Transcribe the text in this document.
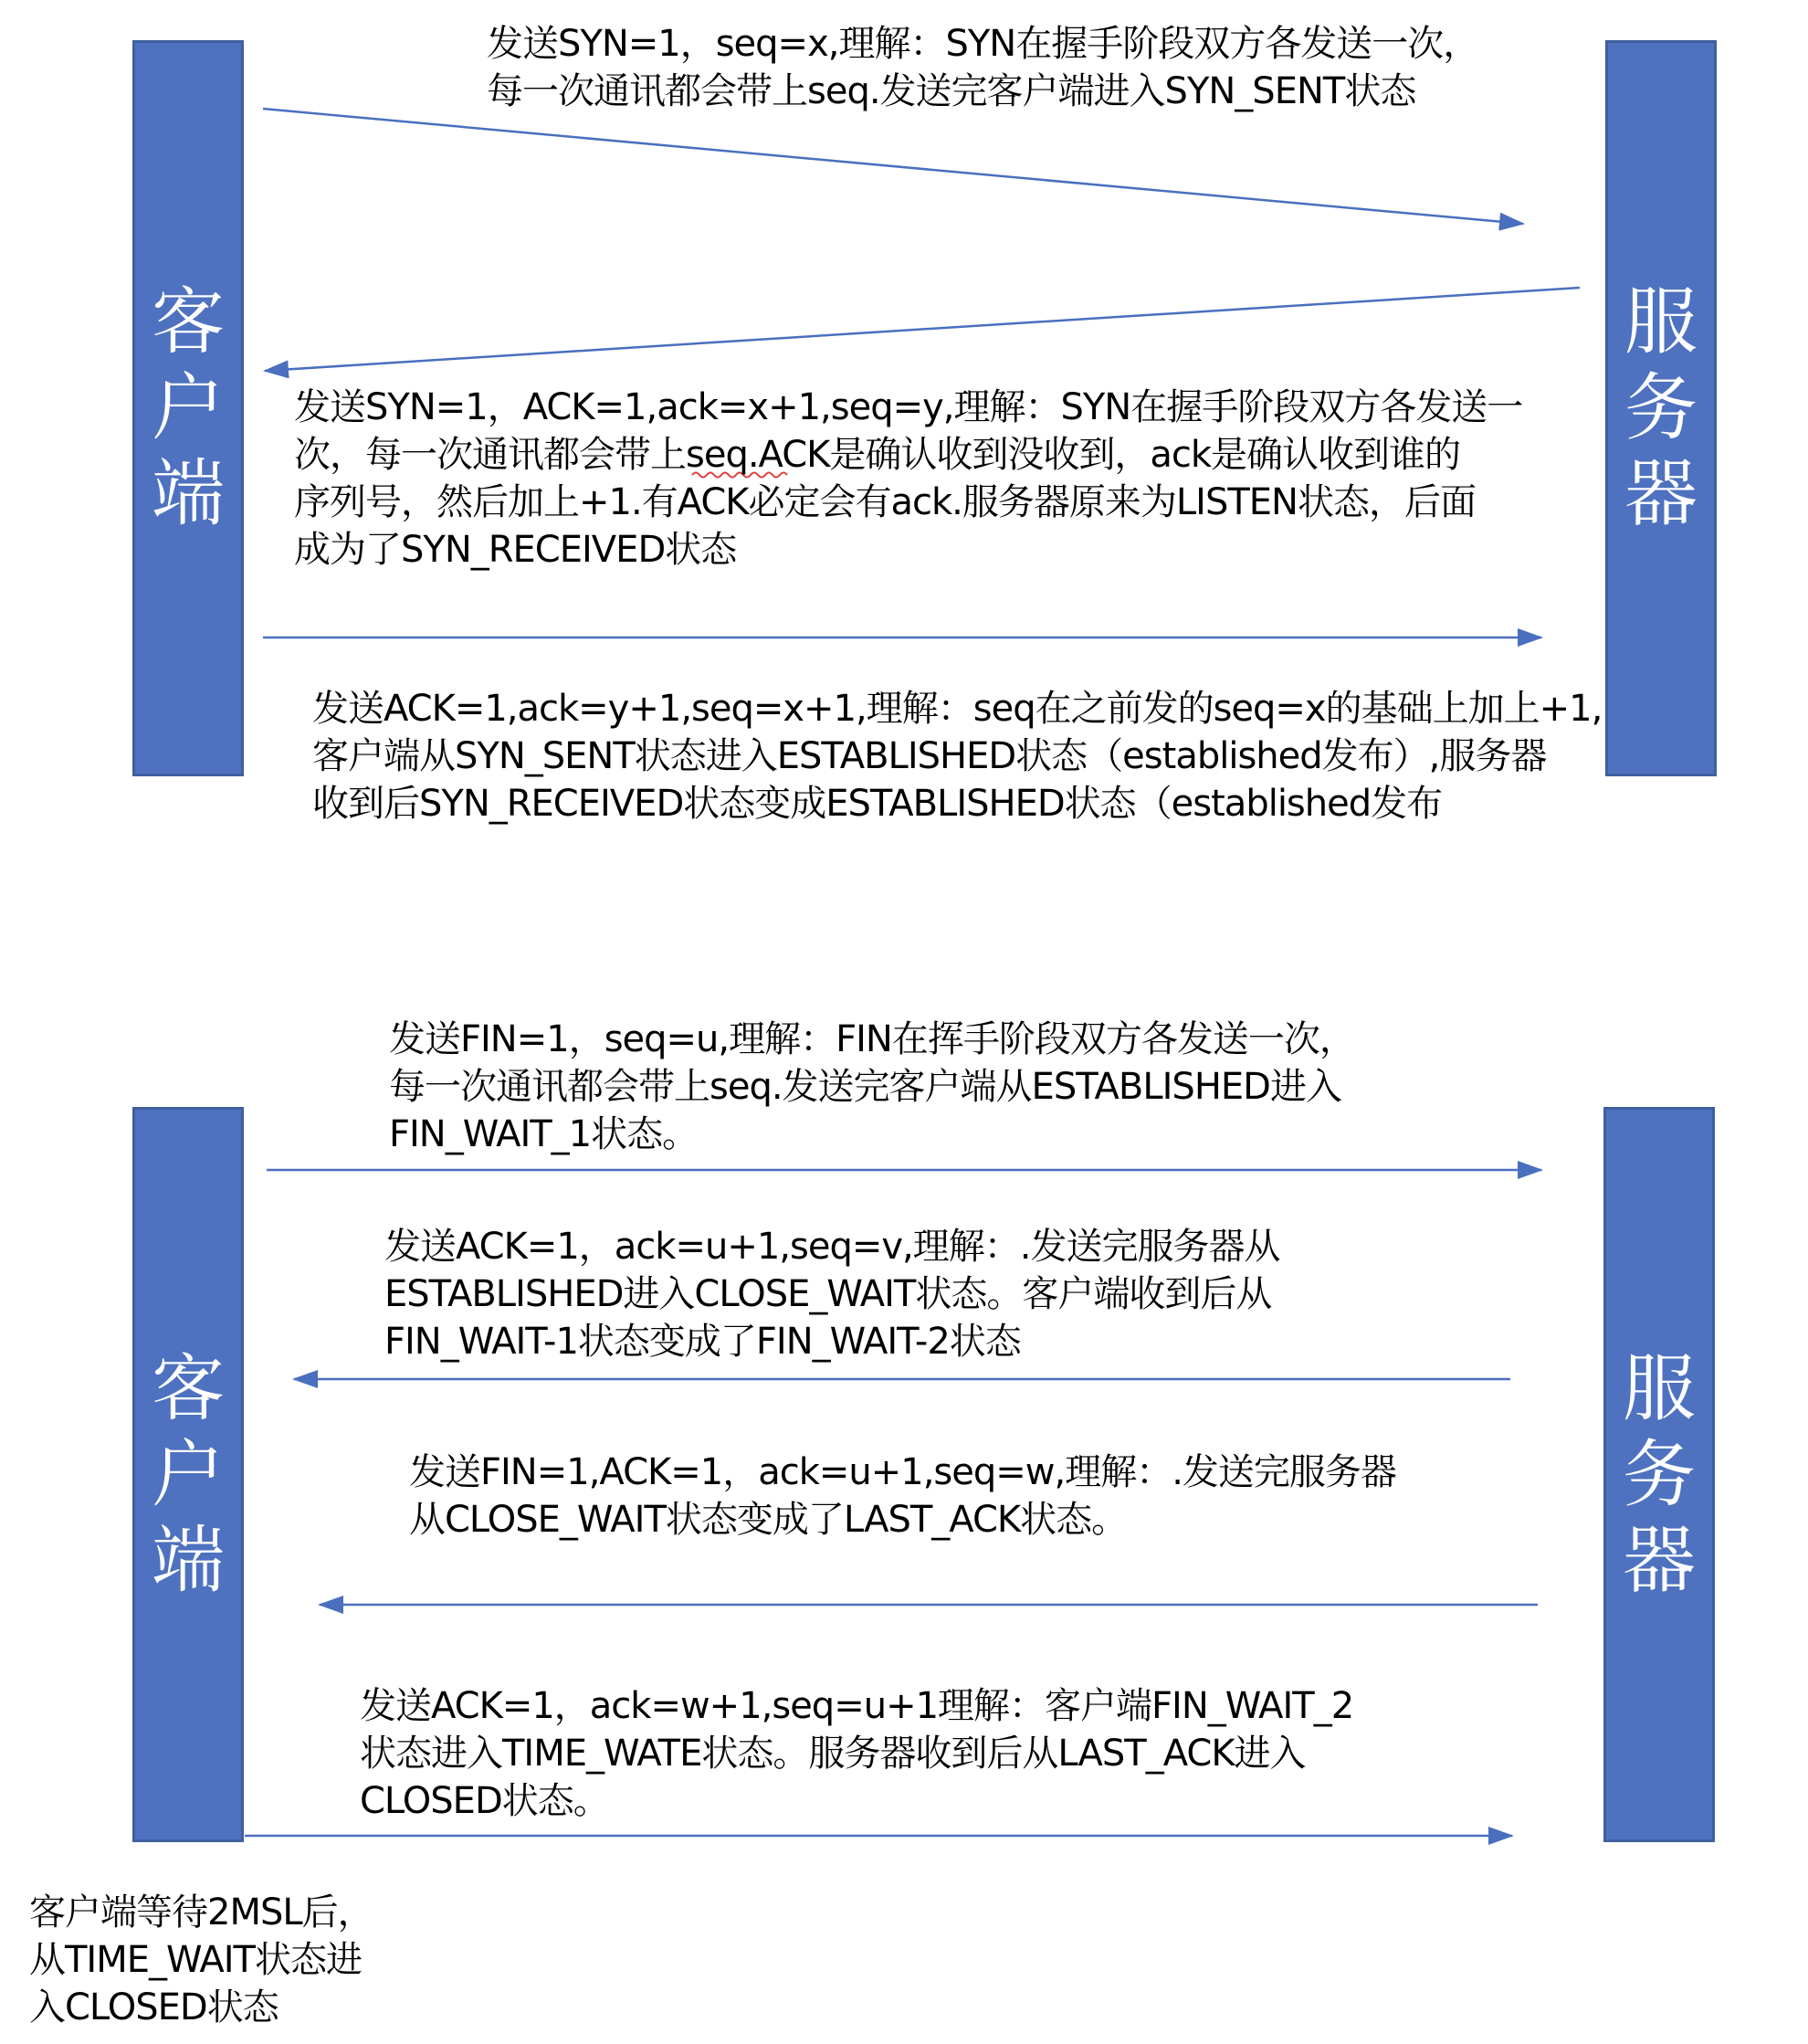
客户端
服务器
客户端
服务器
发送SYN=1，seq=x,理解：SYN在握手阶段双方各发送一次，
每一次通讯都会带上seq.发送完客户端进入SYN_SENT状态
发送SYN=1，ACK=1,ack=x+1,seq=y,理解：SYN在握手阶段双方各发送一
次，每一次通讯都会带上seq.ACK是确认收到没收到，ack是确认收到谁的
序列号，然后加上+1.有ACK必定会有ack.服务器原来为LISTEN状态，后面
成为了SYN_RECEIVED状态
发送ACK=1,ack=y+1,seq=x+1,理解：seq在之前发的seq=x的基础上加上+1,
客户端从SYN_SENT状态进入ESTABLISHED状态（established发布）,服务器
收到后SYN_RECEIVED状态变成ESTABLISHED状态（established发布
发送FIN=1，seq=u,理解：FIN在挥手阶段双方各发送一次，
每一次通讯都会带上seq.发送完客户端从ESTABLISHED进入
FIN_WAIT_1状态。
发送ACK=1，ack=u+1,seq=v,理解：.发送完服务器从
ESTABLISHED进入CLOSE_WAIT状态。客户端收到后从
FIN_WAIT-1状态变成了FIN_WAIT-2状态
发送FIN=1,ACK=1，ack=u+1,seq=w,理解：.发送完服务器
从CLOSE_WAIT状态变成了LAST_ACK状态。
发送ACK=1，ack=w+1,seq=u+1理解：客户端FIN_WAIT_2
状态进入TIME_WATE状态。服务器收到后从LAST_ACK进入
CLOSED状态。
客户端等待2MSL后，
从TIME_WAIT状态进
入CLOSED状态
